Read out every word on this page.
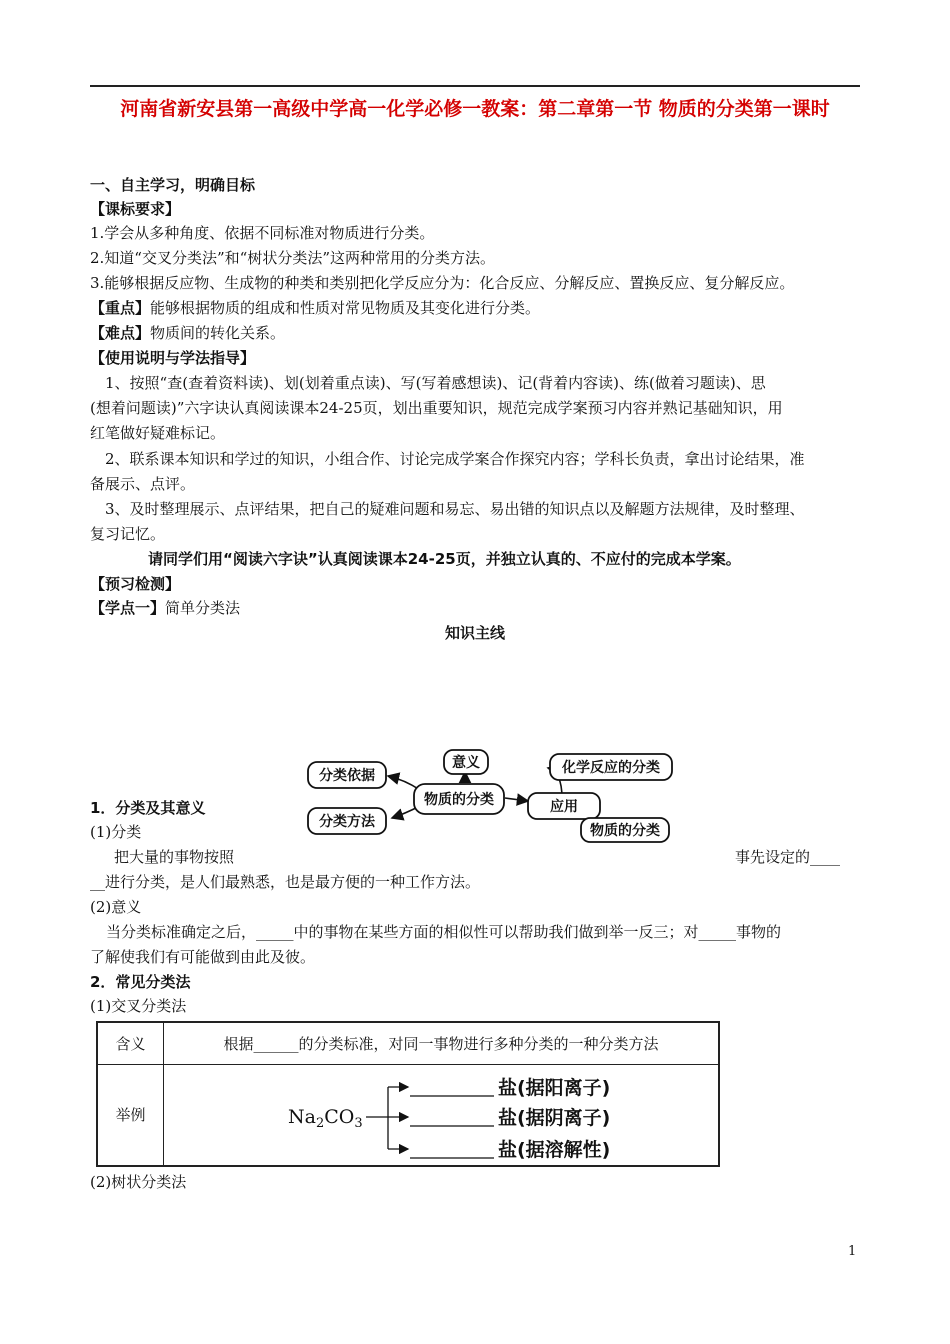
河南省新安县第一高级中学高一化学必修一教案：第二章第一节 物质的分类第一课时
一、自主学习，明确目标
【课标要求】
1.学会从多种角度、依据不同标准对物质进行分类。
2.知道“交叉分类法”和“树状分类法”这两种常用的分类方法。
3.能够根据反应物、生成物的种类和类别把化学反应分为：化合反应、分解反应、置换反应、复分解反应。
【重点】能够根据物质的组成和性质对常见物质及其变化进行分类。
【难点】物质间的转化关系。
【使用说明与学法指导】
1、按照“查(查着资料读)、划(划着重点读)、写(写着感想读)、记(背着内容读)、练(做着习题读)、思
(想着问题读)”六字诀认真阅读课本24-25页，划出重要知识，规范完成学案预习内容并熟记基础知识，用
红笔做好疑难标记。
2、联系课本知识和学过的知识，小组合作、讨论完成学案合作探究内容；学科长负责，拿出讨论结果，准
备展示、点评。
3、及时整理展示、点评结果，把自己的疑难问题和易忘、易出错的知识点以及解题方法规律，及时整理、
复习记忆。
请同学们用“阅读六字诀”认真阅读课本24-25页，并独立认真的、不应付的完成本学案。
【预习检测】
【学点一】简单分类法
知识主线
分类依据
意义
分类方法
物质的分类	应用
化学反应的分类
物质的分类
1．分类及其意义
(1)分类
把大量的事物按照	事先设定的____
__进行分类，是人们最熟悉，也是最方便的一种工作方法。
(2)意义
当分类标准确定之后，_____中的事物在某些方面的相似性可以帮助我们做到举一反三；对_____事物的
了解使我们有可能做到由此及彼。
2．常见分类法
(1)交叉分类法
含义	根据______的分类标准，对同一事物进行多种分类的一种分类方法
举例	$Na_2CO_3$
盐(据阳离子)
盐(据阴离子)
盐(据溶解性)
(2)树状分类法
1
